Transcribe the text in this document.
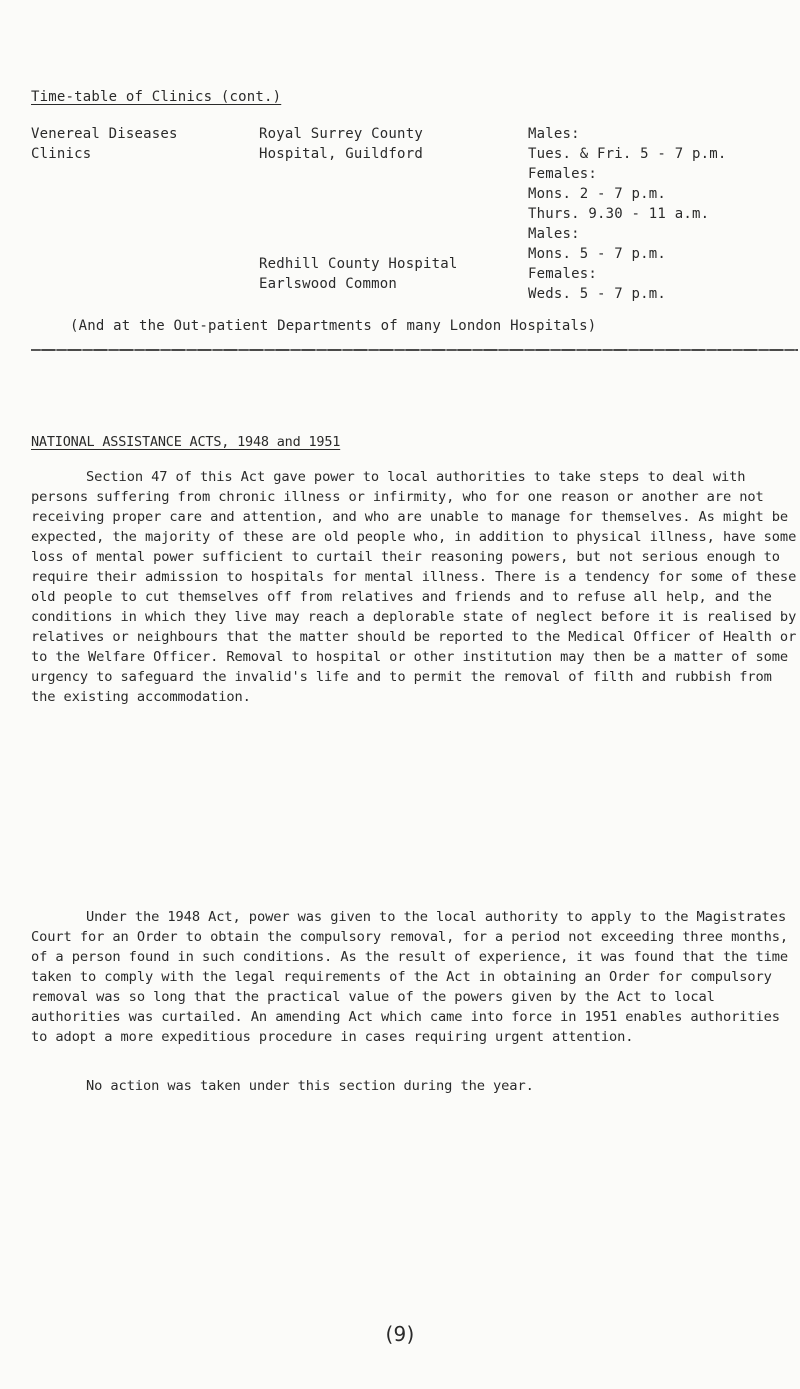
Time-table of Clinics (cont.)
Venereal Diseases
Clinics
Royal Surrey County
Hospital, Guildford
Redhill County Hospital
Earlswood Common
Males:
Tues. & Fri. 5 - 7 p.m.
Females:
Mons. 2 - 7 p.m.
Thurs. 9.30 - 11 a.m.
Males:
Mons. 5 - 7 p.m.
Females:
Weds. 5 - 7 p.m.
(And at the Out-patient Departments of many London Hospitals)
NATIONAL ASSISTANCE ACTS, 1948 and 1951
Section 47 of this Act gave power to local authorities to take steps to deal with persons suffering from chronic illness or infirmity, who for one reason or another are not receiving proper care and attention, and who are unable to manage for themselves. As might be expected, the majority of these are old people who, in addition to physical illness, have some loss of mental power sufficient to curtail their reasoning powers, but not serious enough to require their admission to hospitals for mental illness. There is a tendency for some of these old people to cut themselves off from relatives and friends and to refuse all help, and the conditions in which they live may reach a deplorable state of neglect before it is realised by relatives or neighbours that the matter should be reported to the Medical Officer of Health or to the Welfare Officer. Removal to hospital or other institution may then be a matter of some urgency to safeguard the invalid's life and to permit the removal of filth and rubbish from the existing accommodation.
Under the 1948 Act, power was given to the local authority to apply to the Magistrates Court for an Order to obtain the compulsory removal, for a period not exceeding three months, of a person found in such conditions. As the result of experience, it was found that the time taken to comply with the legal requirements of the Act in obtaining an Order for compulsory removal was so long that the practical value of the powers given by the Act to local authorities was curtailed. An amending Act which came into force in 1951 enables authorities to adopt a more expeditious procedure in cases requiring urgent attention.
No action was taken under this section during the year.
(9)
